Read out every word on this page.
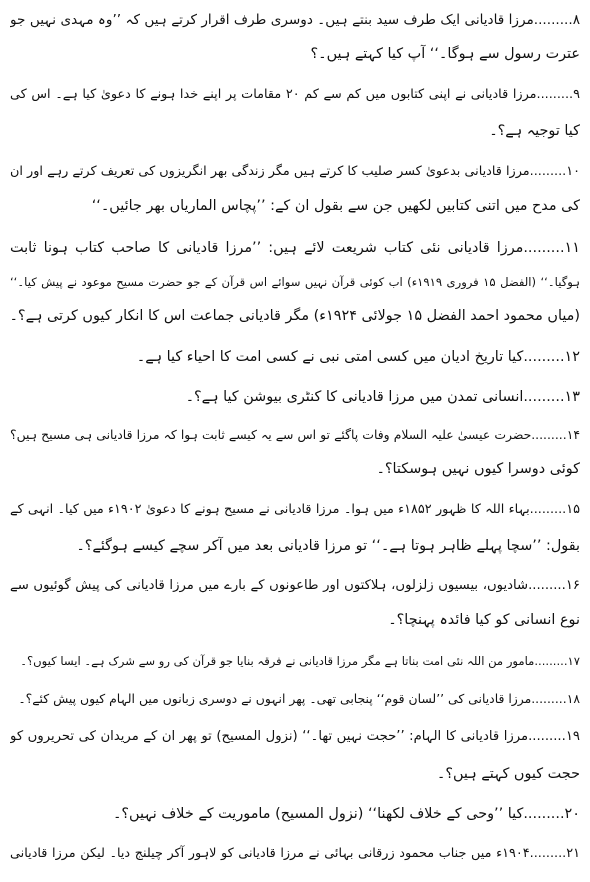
۸.........مرزا قادیانی ایک طرف سید بنتے ہیں۔ دوسری طرف اقرار کرتے ہیں کہ ’’وہ مہدی نہیں جو
عترت رسول سے ہوگا۔‘‘ آپ کیا کہتے ہیں۔؟
۹.........مرزا قادیانی نے اپنی کتابوں میں کم سے کم ۲۰ مقامات پر اپنے خدا ہونے کا دعویٰ کیا ہے۔ اس کی
کیا توجیہ ہے؟۔
۱۰.........مرزا قادیانی بدعویٰ کسر صلیب کا کرتے ہیں مگر زندگی بھر انگریزوں کی تعریف کرتے رہے اور ان
کی مدح میں اتنی کتابیں لکھیں جن سے بقول ان کے: ’’پچاس الماریاں بھر جائیں۔‘‘
۱۱.........مرزا قادیانی نئی کتاب شریعت لائے ہیں: ’’مرزا قادیانی کا صاحب کتاب ہونا ثابت
ہوگیا۔‘‘ (الفضل ۱۵ فروری ۱۹۱۹ء) اب کوئی قرآن نہیں سوائے اس قرآن کے جو حضرت مسیح موعود نے پیش کیا۔‘‘
(میاں محمود احمد الفضل ۱۵ جولائی ۱۹۲۴ء) مگر قادیانی جماعت اس کا انکار کیوں کرتی ہے؟۔
۱۲.........کیا تاریخ ادیان میں کسی امتی نبی نے کسی امت کا احیاء کیا ہے۔
۱۳.........انسانی تمدن میں مرزا قادیانی کا کنٹری بیوشن کیا ہے؟۔
۱۴.........حضرت عیسیٰ علیہ السلام وفات پاگئے تو اس سے یہ کیسے ثابت ہوا کہ مرزا قادیانی ہی مسیح ہیں؟
کوئی دوسرا کیوں نہیں ہوسکتا؟۔
۱۵.........بہاء اللہ کا ظہور ۱۸۵۲ء میں ہوا۔ مرزا قادیانی نے مسیح ہونے کا دعویٰ ۱۹۰۲ء میں کیا۔ انہی کے
بقول: ’’سچا پہلے ظاہر ہوتا ہے۔‘‘ تو مرزا قادیانی بعد میں آکر سچے کیسے ہوگئے؟۔
۱۶.........شادیوں، بیسیوں زلزلوں، ہلاکتوں اور طاعونوں کے بارے میں مرزا قادیانی کی پیش گوئیوں سے
نوع انسانی کو کیا فائدہ پہنچا؟۔
۱۷.........مامور من اللہ نئی امت بناتا ہے مگر مرزا قادیانی نے فرقہ بنایا جو قرآن کی رو سے شرک ہے۔ ایسا کیوں؟۔
۱۸.........مرزا قادیانی کی ’’لسان قوم‘‘ پنجابی تھی۔ پھر انہوں نے دوسری زبانوں میں الہام کیوں پیش کئے؟۔
۱۹.........مرزا قادیانی کا الہام: ’’حجت نہیں تھا۔‘‘ (نزول المسیح) تو پھر ان کے مریدان کی تحریروں کو
حجت کیوں کہتے ہیں؟۔
۲۰.........کیا ’’وحی کے خلاف لکھنا‘‘ (نزول المسیح) ماموریت کے خلاف نہیں؟۔
۲۱.........۱۹۰۴ء میں جناب محمود زرقانی بہائی نے مرزا قادیانی کو لاہور آکر چیلنج دیا۔ لیکن مرزا قادیانی
